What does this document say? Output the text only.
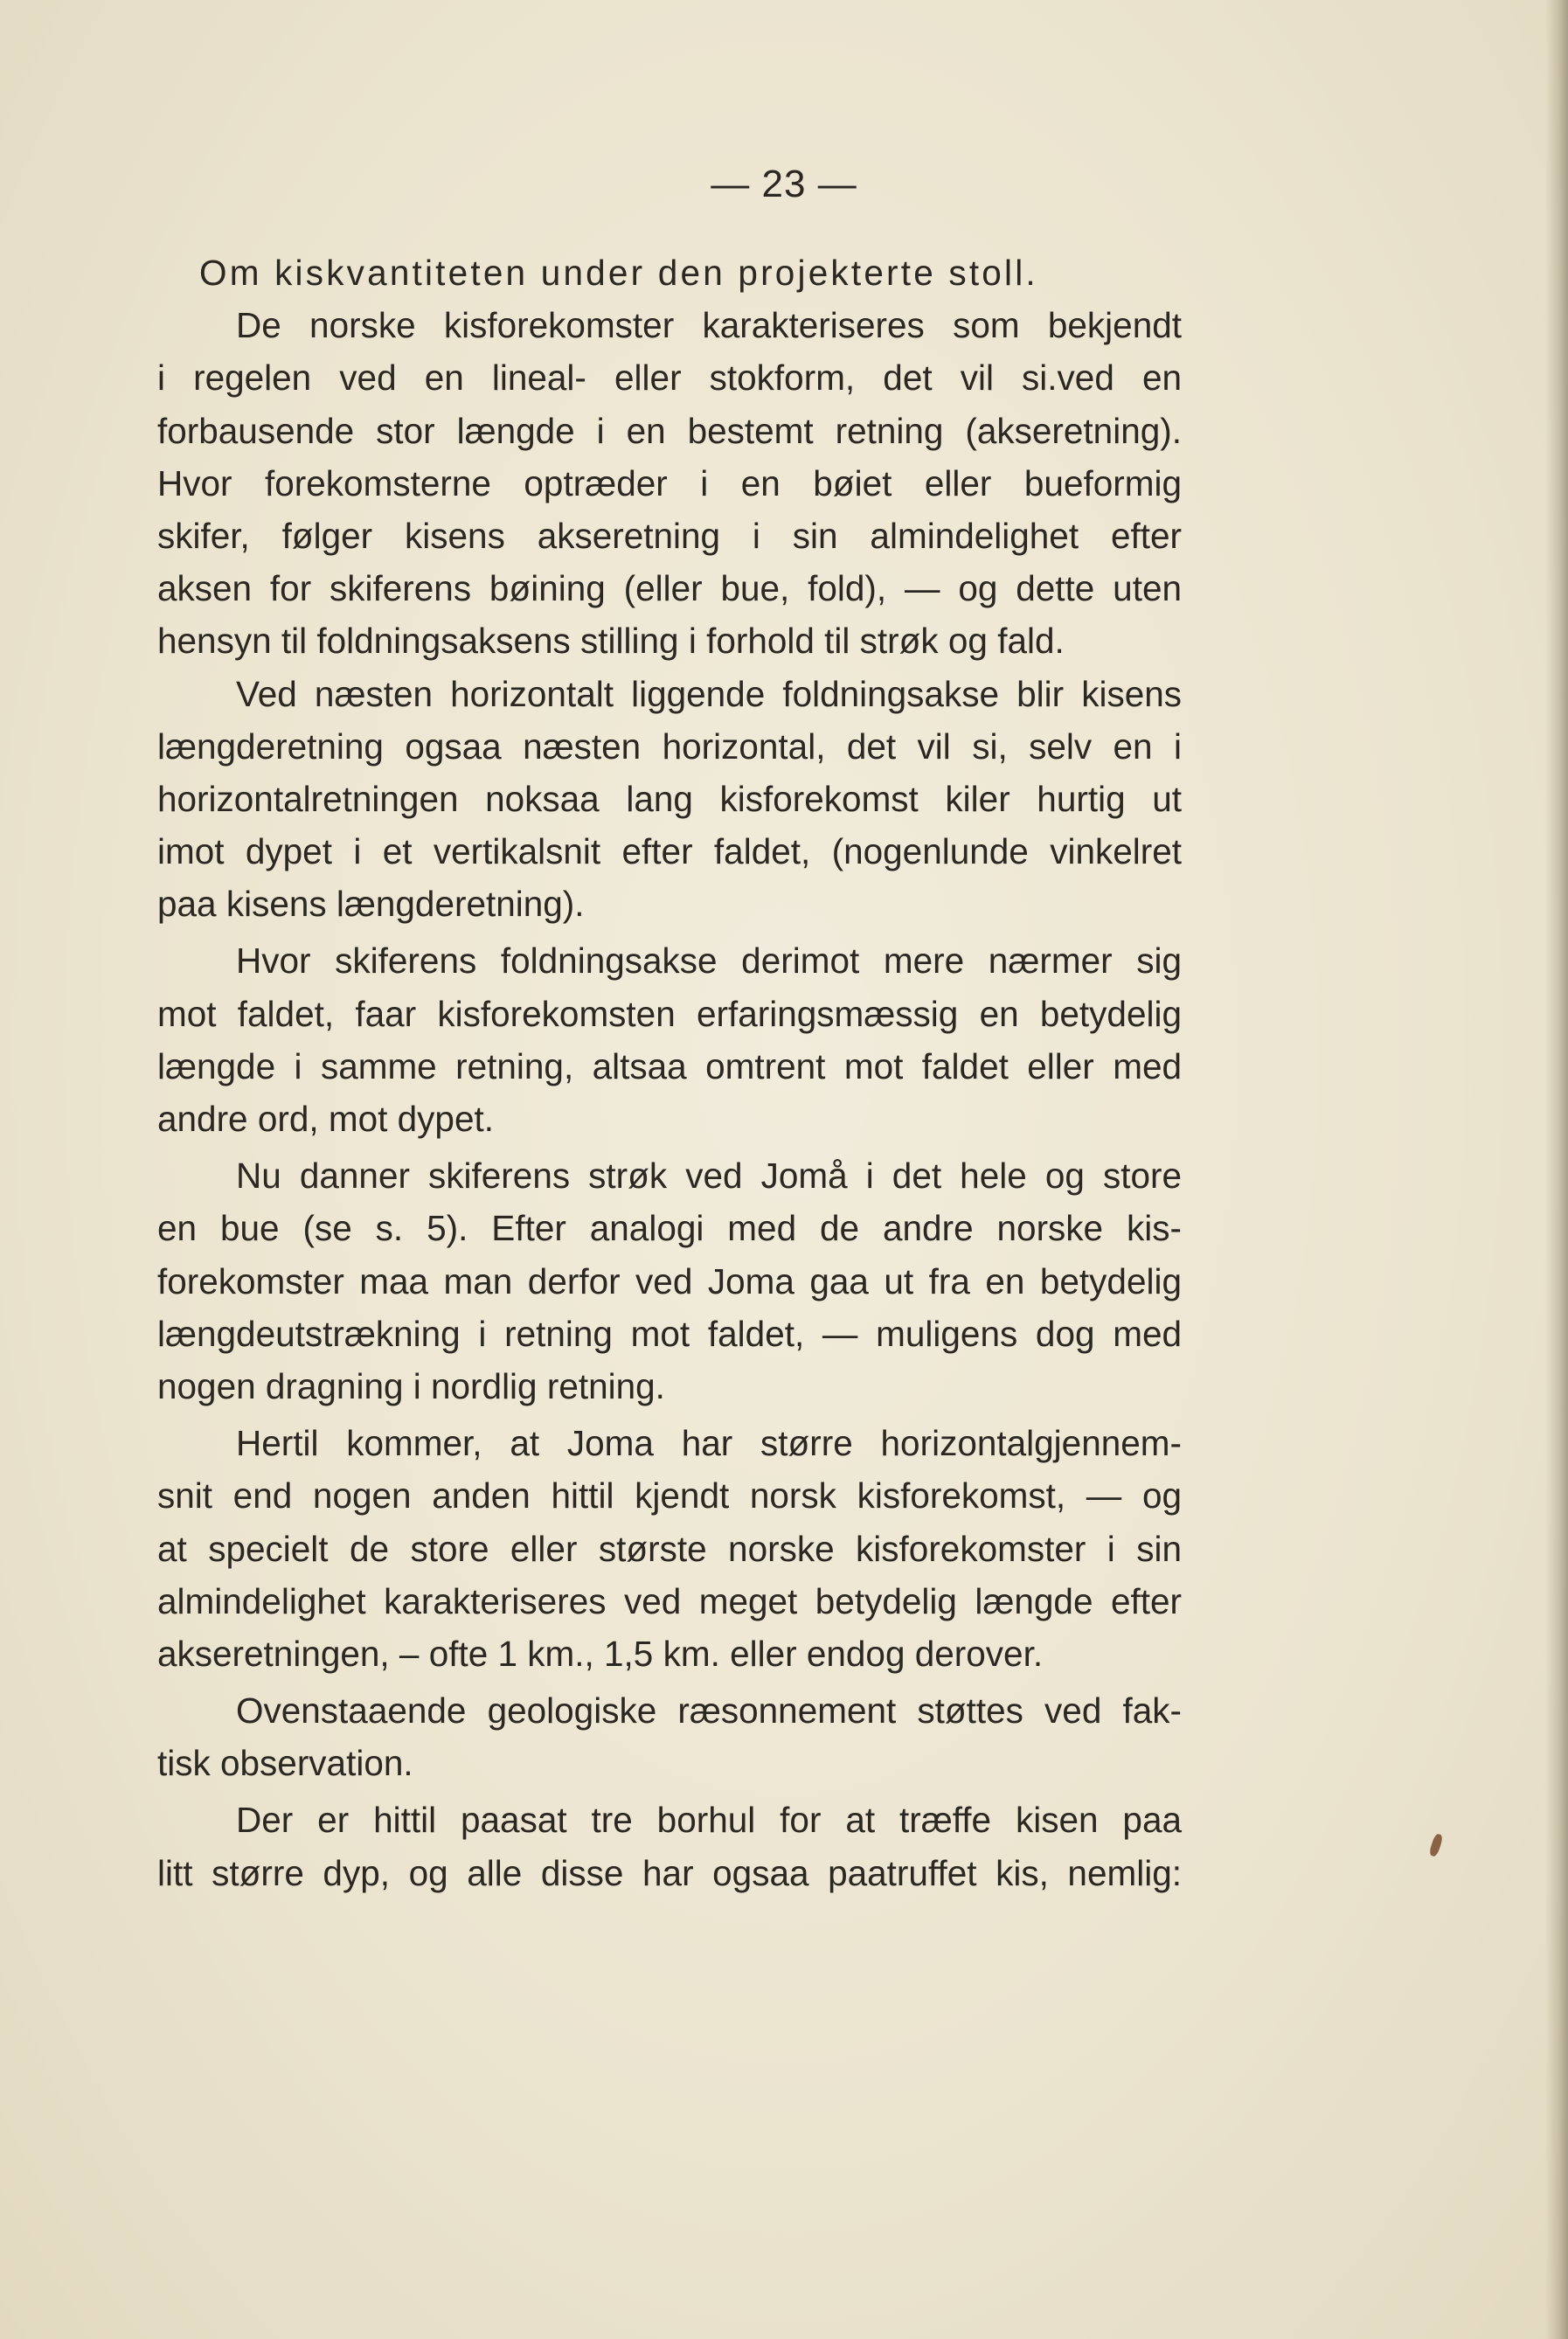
— 23 —
Om kiskvantiteten under den projekterte stoll.
De norske kisforekomster karakteriseres som bekjendt
i regelen ved en lineal- eller stokform, det vil si.ved en
forbausende stor længde i en bestemt retning (akseretning).
Hvor forekomsterne optræder i en bøiet eller bueformig
skifer, følger kisens akseretning i sin almindelighet efter
aksen for skiferens bøining (eller bue, fold), — og dette uten
hensyn til foldningsaksens stilling i forhold til strøk og fald.
Ved næsten horizontalt liggende foldningsakse blir kisens
længderetning ogsaa næsten horizontal, det vil si, selv en i
horizontalretningen noksaa lang kisforekomst kiler hurtig ut
imot dypet i et vertikalsnit efter faldet, (nogenlunde vinkelret
paa kisens længderetning).
Hvor skiferens foldningsakse derimot mere nærmer sig
mot faldet, faar kisforekomsten erfaringsmæssig en betydelig
længde i samme retning, altsaa omtrent mot faldet eller med
andre ord, mot dypet.
Nu danner skiferens strøk ved Jomå i det hele og store
en bue (se s. 5). Efter analogi med de andre norske kis-
forekomster maa man derfor ved Joma gaa ut fra en betydelig
længdeutstrækning i retning mot faldet, — muligens dog med
nogen dragning i nordlig retning.
Hertil kommer, at Joma har større horizontalgjennem-
snit end nogen anden hittil kjendt norsk kisforekomst, — og
at specielt de store eller største norske kisforekomster i sin
almindelighet karakteriseres ved meget betydelig længde efter
akseretningen, – ofte 1 km., 1,5 km. eller endog derover.
Ovenstaaende geologiske ræsonnement støttes ved fak-
tisk observation.
Der er hittil paasat tre borhul for at træffe kisen paa
litt større dyp, og alle disse har ogsaa paatruffet kis, nemlig:
